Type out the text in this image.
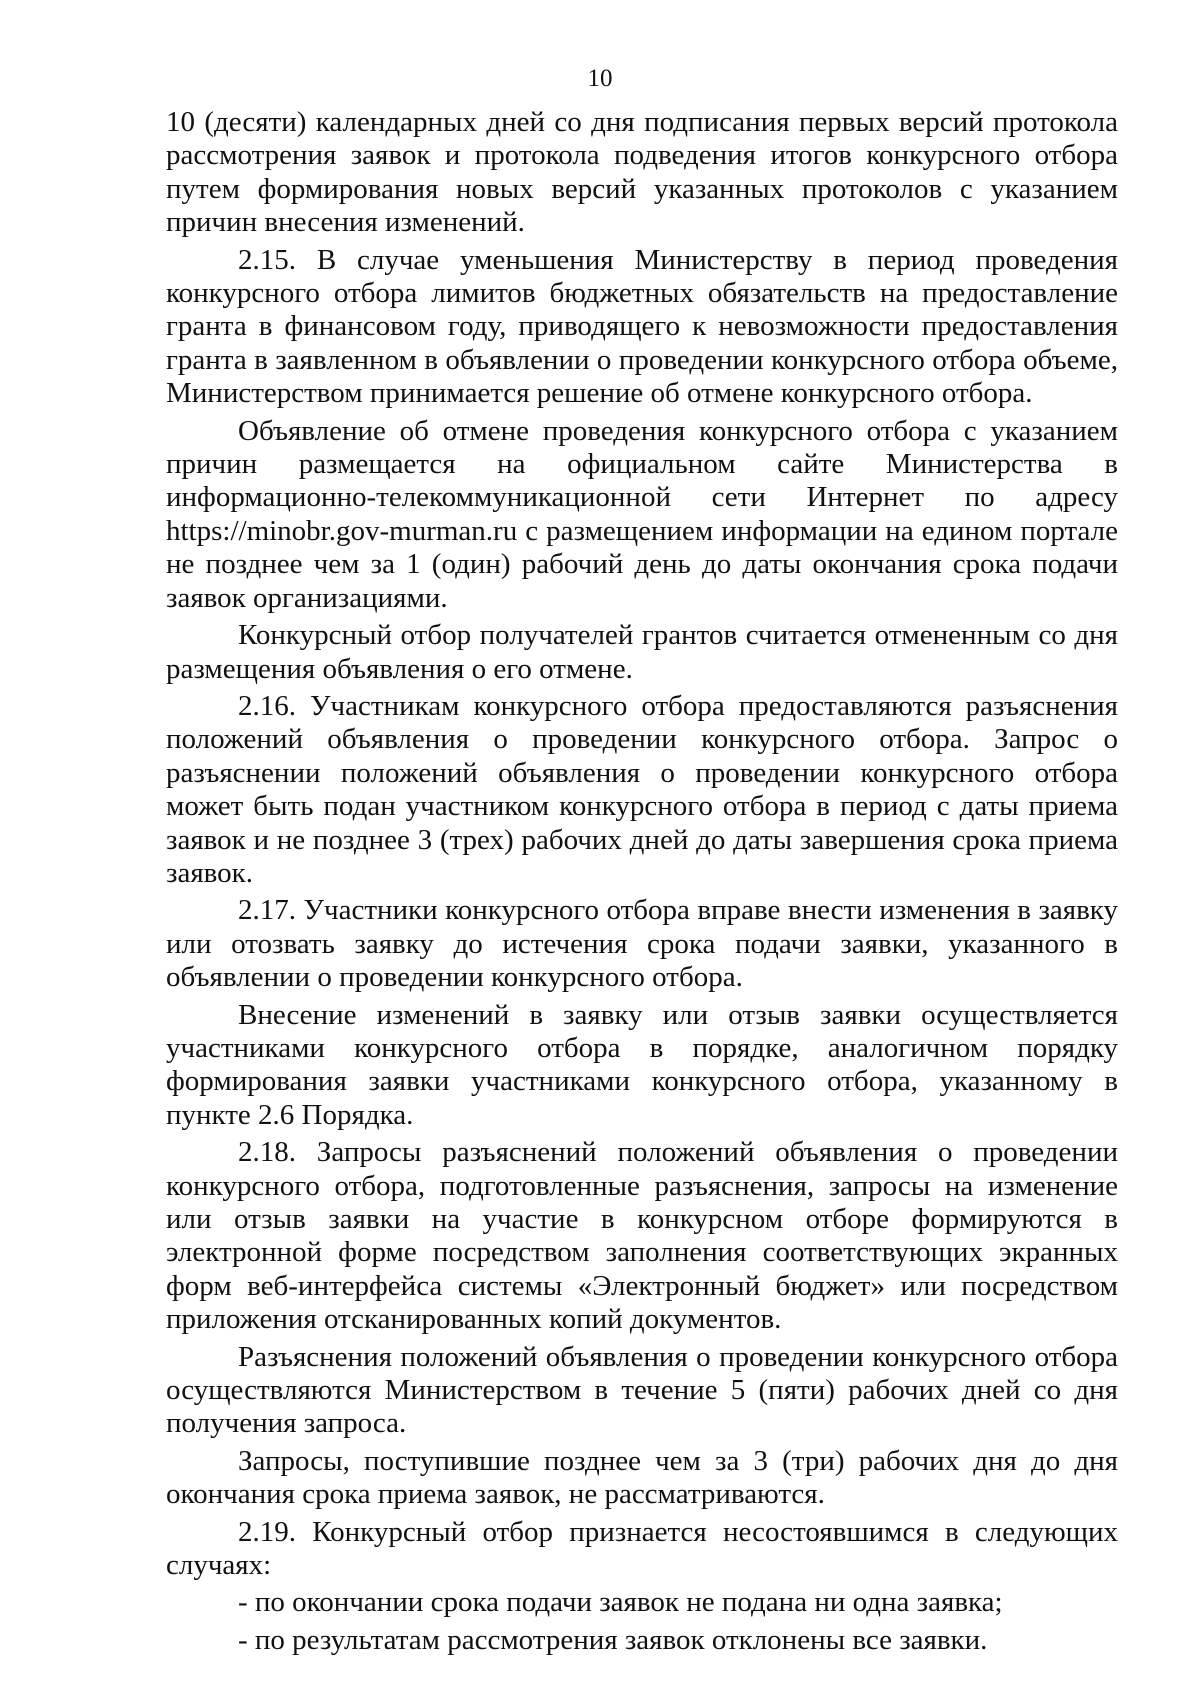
10

10 (десяти) календарных дней со дня подписания первых версий протокола рассмотрения заявок и протокола подведения итогов конкурсного отбора путем формирования новых версий указанных протоколов с указанием причин внесения изменений.

2.15. В случае уменьшения Министерству в период проведения конкурсного отбора лимитов бюджетных обязательств на предоставление гранта в финансовом году, приводящего к невозможности предоставления гранта в заявленном в объявлении о проведении конкурсного отбора объеме, Министерством принимается решение об отмене конкурсного отбора.

Объявление об отмене проведения конкурсного отбора с указанием причин размещается на официальном сайте Министерства в информационно-телекоммуникационной сети Интернет по адресу https://minobr.gov-murman.ru с размещением информации на едином портале не позднее чем за 1 (один) рабочий день до даты окончания срока подачи заявок организациями.

Конкурсный отбор получателей грантов считается отмененным со дня размещения объявления о его отмене.

2.16. Участникам конкурсного отбора предоставляются разъяснения положений объявления о проведении конкурсного отбора. Запрос о разъяснении положений объявления о проведении конкурсного отбора может быть подан участником конкурсного отбора в период с даты приема заявок и не позднее 3 (трех) рабочих дней до даты завершения срока приема заявок.

2.17. Участники конкурсного отбора вправе внести изменения в заявку или отозвать заявку до истечения срока подачи заявки, указанного в объявлении о проведении конкурсного отбора.

Внесение изменений в заявку или отзыв заявки осуществляется участниками конкурсного отбора в порядке, аналогичном порядку формирования заявки участниками конкурсного отбора, указанному в пункте 2.6 Порядка.

2.18. Запросы разъяснений положений объявления о проведении конкурсного отбора, подготовленные разъяснения, запросы на изменение или отзыв заявки на участие в конкурсном отборе формируются в электронной форме посредством заполнения соответствующих экранных форм веб-интерфейса системы «Электронный бюджет» или посредством приложения отсканированных копий документов.

Разъяснения положений объявления о проведении конкурсного отбора осуществляются Министерством в течение 5 (пяти) рабочих дней со дня получения запроса.

Запросы, поступившие позднее чем за 3 (три) рабочих дня до дня окончания срока приема заявок, не рассматриваются.

2.19. Конкурсный отбор признается несостоявшимся в следующих случаях:

- по окончании срока подачи заявок не подана ни одна заявка;

- по результатам рассмотрения заявок отклонены все заявки.
